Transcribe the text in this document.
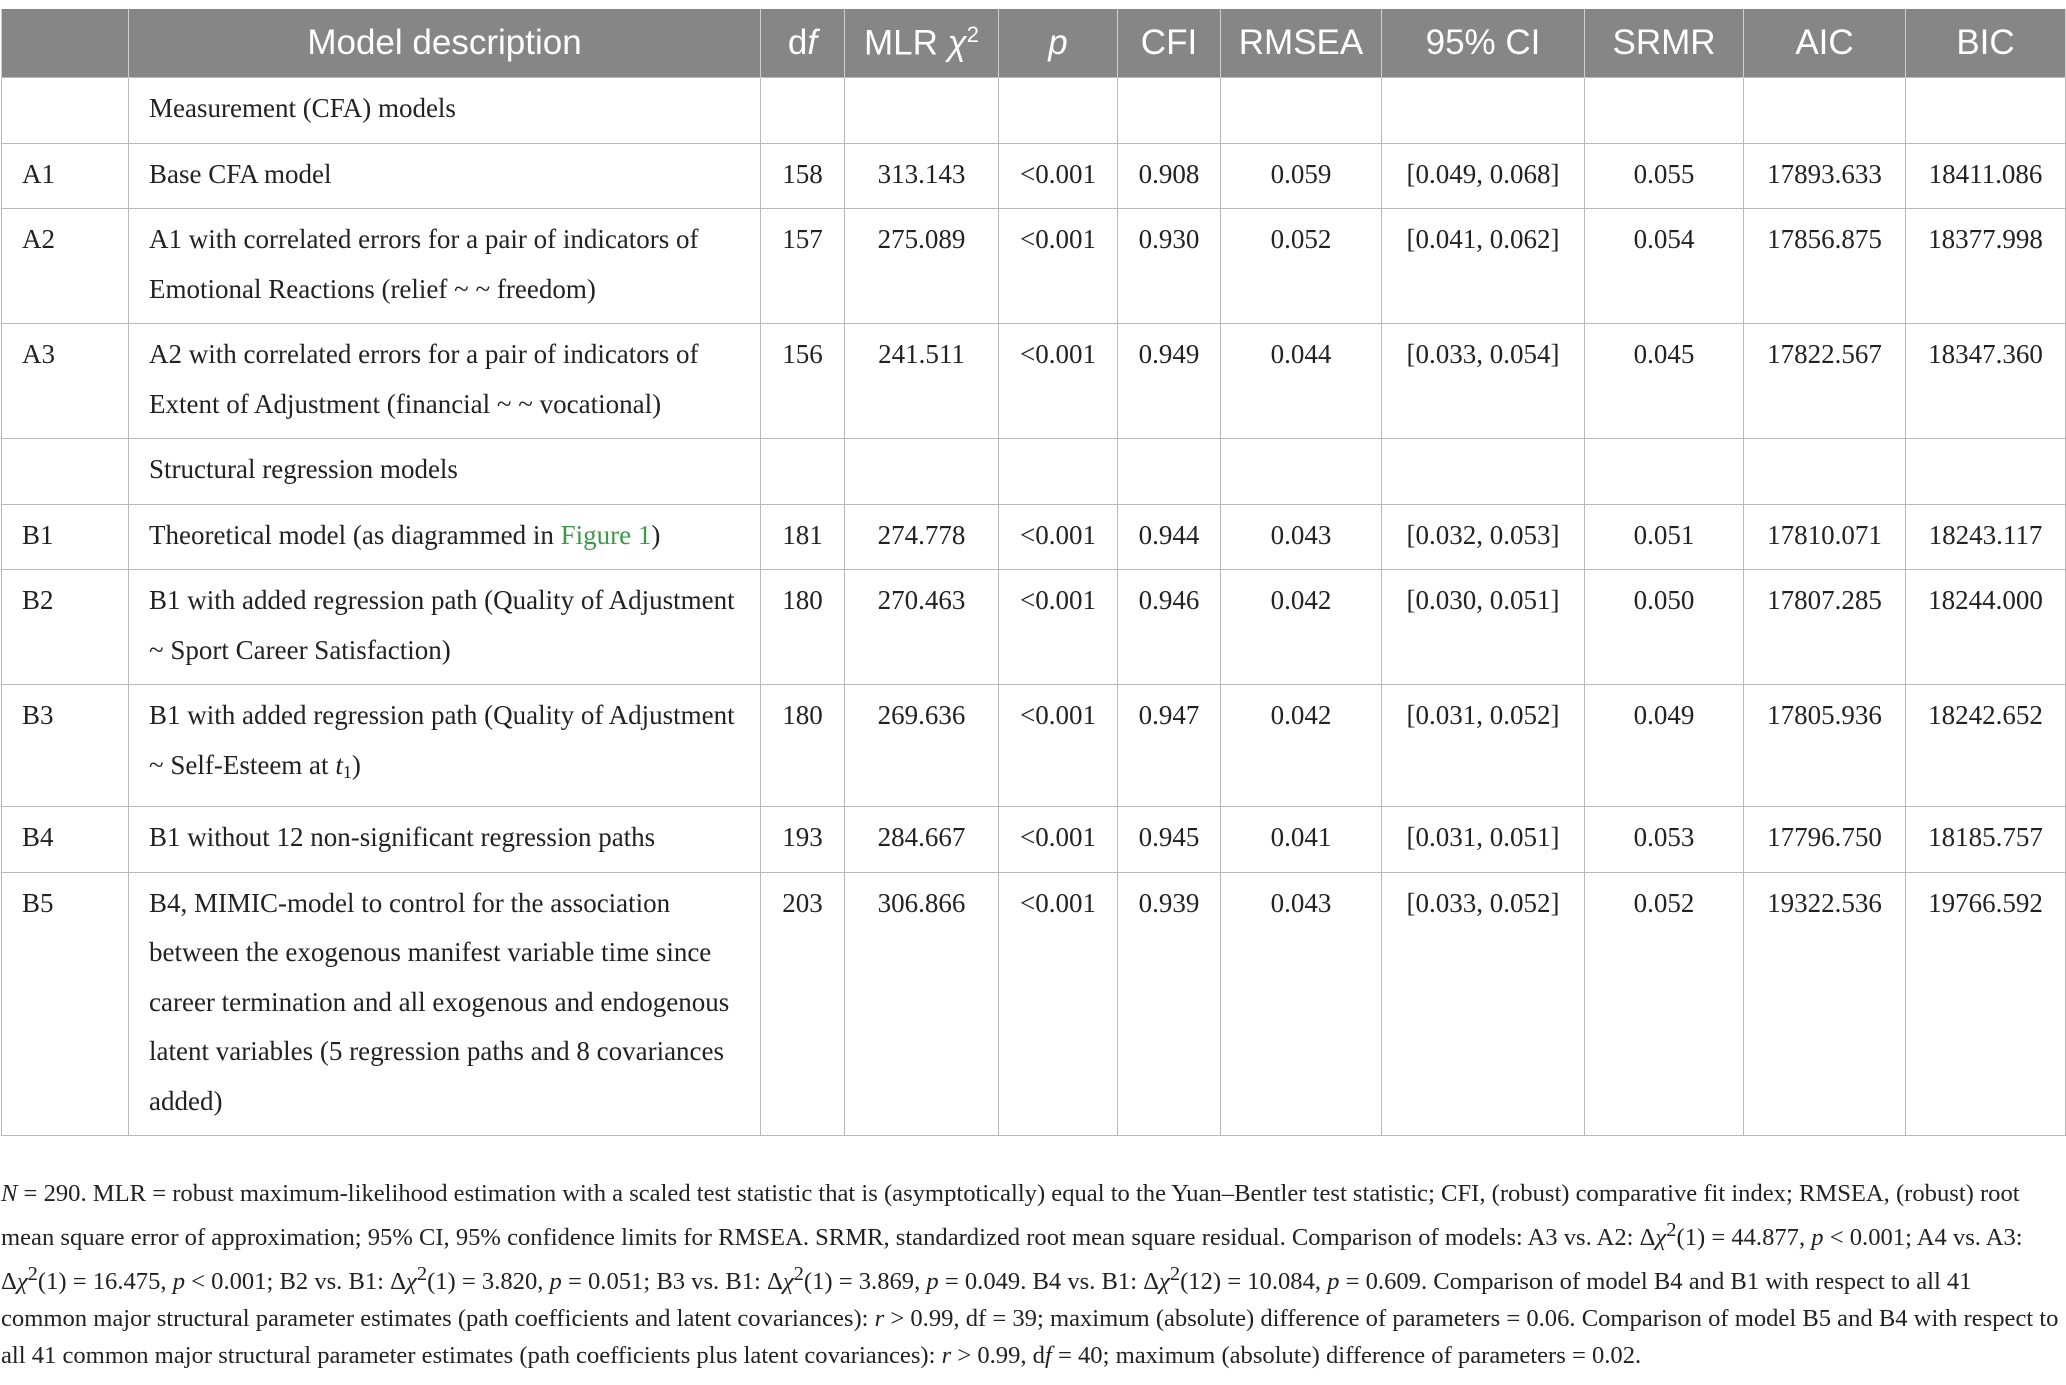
	Model description	df	MLR $\chi^2$	p	CFI	RMSEA	95% CI	SRMR	AIC	BIC
	Measurement (CFA) models									
A1	Base CFA model	158	313.143	<0.001	0.908	0.059	[0.049, 0.068]	0.055	17893.633	18411.086
A2	A1 with correlated errors for a pair of indicators of Emotional Reactions (relief ~ ~ freedom)	157	275.089	<0.001	0.930	0.052	[0.041, 0.062]	0.054	17856.875	18377.998
A3	A2 with correlated errors for a pair of indicators of Extent of Adjustment (financial ~ ~ vocational)	156	241.511	<0.001	0.949	0.044	[0.033, 0.054]	0.045	17822.567	18347.360
	Structural regression models									
B1	Theoretical model (as diagrammed in Figure 1)	181	274.778	<0.001	0.944	0.043	[0.032, 0.053]	0.051	17810.071	18243.117
B2	B1 with added regression path (Quality of Adjustment ~ Sport Career Satisfaction)	180	270.463	<0.001	0.946	0.042	[0.030, 0.051]	0.050	17807.285	18244.000
B3	B1 with added regression path (Quality of Adjustment ~ Self-Esteem at t1)	180	269.636	<0.001	0.947	0.042	[0.031, 0.052]	0.049	17805.936	18242.652
B4	B1 without 12 non-significant regression paths	193	284.667	<0.001	0.945	0.041	[0.031, 0.051]	0.053	17796.750	18185.757
B5	B4, MIMIC-model to control for the association between the exogenous manifest variable time since career termination and all exogenous and endogenous latent variables (5 regression paths and 8 covariances added)	203	306.866	<0.001	0.939	0.043	[0.033, 0.052]	0.052	19322.536	19766.592

N = 290. MLR = robust maximum-likelihood estimation with a scaled test statistic that is (asymptotically) equal to the Yuan–Bentler test statistic; CFI, (robust) comparative fit index; RMSEA, (robust) root mean square error of approximation; 95% CI, 95% confidence limits for RMSEA. SRMR, standardized root mean square residual. Comparison of models: A3 vs. A2: $\Delta\chi^2(1) = 44.877$, p < 0.001; A4 vs. A3: $\Delta\chi^2(1) = 16.475$, p < 0.001; B2 vs. B1: $\Delta\chi^2(1) = 3.820$, p = 0.051; B3 vs. B1: $\Delta\chi^2(1) = 3.869$, p = 0.049. B4 vs. B1: $\Delta\chi^2(12) = 10.084$, p = 0.609. Comparison of model B4 and B1 with respect to all 41 common major structural parameter estimates (path coefficients and latent covariances): r > 0.99, df = 39; maximum (absolute) difference of parameters = 0.06. Comparison of model B5 and B4 with respect to all 41 common major structural parameter estimates (path coefficients plus latent covariances): r > 0.99, df = 40; maximum (absolute) difference of parameters = 0.02.
